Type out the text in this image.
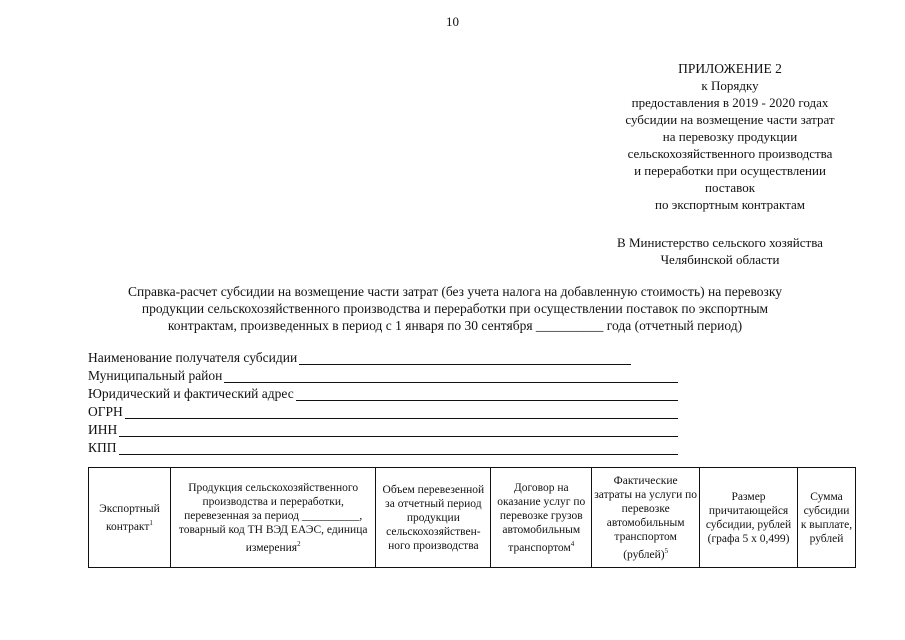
10
ПРИЛОЖЕНИЕ 2
к Порядку
предоставления в 2019 - 2020 годах
субсидии на возмещение части затрат
на перевозку продукции
сельскохозяйственного производства
и переработки при осуществлении
поставок
по экспортным контрактам
В Министерство сельского хозяйства
Челябинской области
Справка-расчет субсидии на возмещение части затрат (без учета налога на добавленную стоимость) на перевозку
продукции сельскохозяйственного производства и переработки при осуществлении поставок по экспортным
контрактам, произведенных в период с 1 января по 30 сентября __________ года (отчетный период)
Наименование получателя субсидии
Муниципальный район
Юридический и фактический адрес
ОГРН
ИНН
КПП
Экспортный контракт$^1$	Продукция сельскохозяйственного производства и переработки, перевезенная за период __________, товарный код ТН ВЭД ЕАЭС, единица измерения$^2$	Объем перевезенной за отчетный период продукции сельскохозяйствен-ного производства	Договор на оказание услуг по перевозке грузов автомобильным транспортом$^4$	Фактические затраты на услуги по перевозке автомобильным транспортом (рублей)$^5$	Размер причитающейся субсидии, рублей (графа 5 х 0,499)	Сумма субсидии к выплате, рублей
